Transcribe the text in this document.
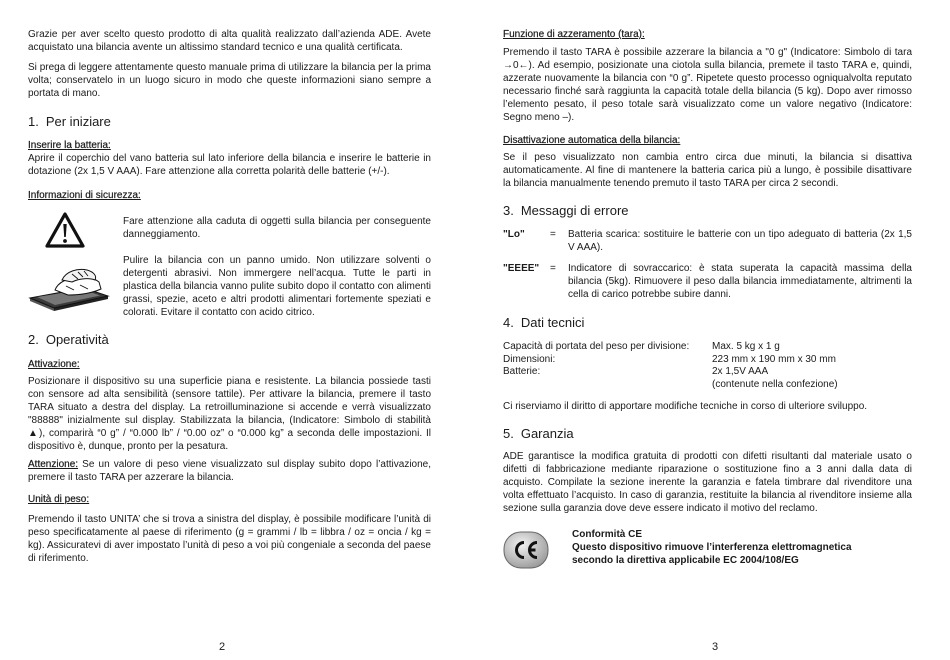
Grazie per aver scelto questo prodotto di alta qualità realizzato dall’azienda ADE. Avete acquistato una bilancia avente un altissimo standard tecnico e una qualità certificata.

Si prega di leggere attentamente questo manuale prima di utilizzare la bilancia per la prima volta; conservatelo in un luogo sicuro in modo che queste informazioni siano sempre a portata di mano.

1. Per iniziare
Inserire la batteria:

Aprire il coperchio del vano batteria sul lato inferiore della bilancia e inserire le batterie in dotazione (2x 1,5 V AAA). Fare attenzione alla corretta polarità delle batterie (+/-).

Informazioni di sicurezza:

Fare attenzione alla caduta di oggetti sulla bilancia per conseguente danneggiamento.

Pulire la bilancia con un panno umido. Non utilizzare solventi o detergenti abrasivi. Non immergere nell’acqua. Tutte le parti in plastica della bilancia vanno pulite subito dopo il contatto con alimenti grassi, spezie, aceto e altri prodotti alimentari fortemente speziati e colorati. Evitare il contatto con acido citrico.

2. Operatività
Attivazione:

Posizionare il dispositivo su una superficie piana e resistente. La bilancia possiede tasti con sensore ad alta sensibilità (sensore tattile). Per attivare la bilancia, premere il tasto TARA situato a destra del display. La retroilluminazione si accende e verrà visualizzato "88888" inizialmente sul display. Stabilizzata la bilancia, (Indicatore: Simbolo di stabilità ▲), comparirà “0 g” / “0.000 lb” / “0.00 oz” o “0.000 kg” a seconda delle impostazioni. Il dispositivo è, dunque, pronto per la pesatura.

Attenzione: Se un valore di peso viene visualizzato sul display subito dopo l’attivazione, premere il tasto TARA per azzerare la bilancia.

Unità di peso:

Premendo il tasto UNITA’ che si trova a sinistra del display, è possibile modificare l’unità di peso specificatamente al paese di riferimento (g = grammi / lb = libbra / oz = oncia / kg = kg). Assicuratevi di aver impostato l’unità di peso a voi più congeniale a seconda del paese di riferimento.

2
Funzione di azzeramento (tara):

Premendo il tasto TARA è possibile azzerare la bilancia a "0 g" (Indicatore: Simbolo di tara →0←). Ad esempio, posizionate una ciotola sulla bilancia, premete il tasto TARA e, quindi, azzerate nuovamente la bilancia con “0 g”. Ripetete questo processo ogniqualvolta reputato necessario finché sarà raggiunta la capacità totale della bilancia (5 kg). Dopo aver rimosso l’elemento pesato, il peso totale sarà visualizzato come un valore negativo (Indicatore: Segno meno –).

Disattivazione automatica della bilancia:

Se il peso visualizzato non cambia entro circa due minuti, la bilancia si disattiva automaticamente. Al fine di mantenere la batteria carica più a lungo, è possibile disattivare la bilancia manualmente tenendo premuto il tasto TARA per circa 2 secondi.

3. Messaggi di errore
"Lo"	=	Batteria scarica: sostituire le batterie con un tipo adeguato di batteria (2x 1,5 V AAA).
"EEEE"	=	Indicatore di sovraccarico: è stata superata la capacità massima della bilancia (5kg). Rimuovere il peso dalla bilancia immediatamente, altrimenti la cella di carico potrebbe subire danni.
4. Dati tecnici
Capacità di portata del peso per divisione:	Max. 5 kg x 1 g
Dimensioni:	223 mm x 190 mm x 30 mm
Batterie:	2x 1,5V AAA
(contenute nella confezione)

Ci riserviamo il diritto di apportare modifiche tecniche in corso di ulteriore sviluppo.

5. Garanzia

ADE garantisce la modifica gratuita di prodotti con difetti risultanti dal materiale usato o difetti di fabbricazione mediante riparazione o sostituzione fino a 3 anni dalla data di acquisto. Compilate la sezione inerente la garanzia e fatela timbrare dal rivenditore una volta effettuato l’acquisto. In caso di garanzia, restituite la bilancia al rivenditore insieme alla sezione sulla garanzia dove deve essere indicato il motivo del reclamo.

Conformità CE
Questo dispositivo rimuove l’interferenza elettromagnetica
secondo la direttiva applicabile EC 2004/108/EG
3
